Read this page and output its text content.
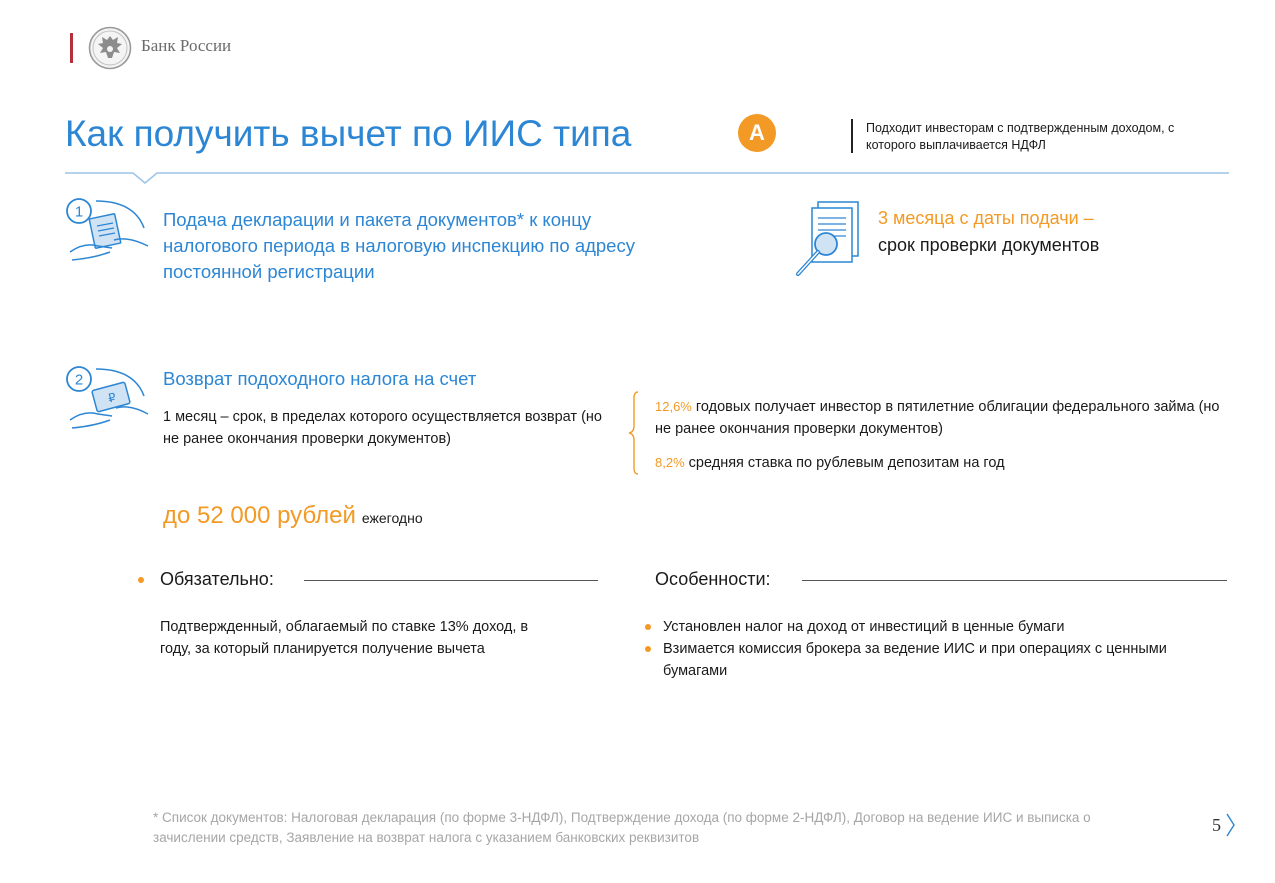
Банк России
Как получить вычет по ИИС типа	А	Подходит инвесторам с подтвержденным доходом, с которого выплачивается НДФЛ
1	Подача декларации и пакета документов* к концу налогового периода в налоговую инспекцию по адресу постоянной регистрации
3 месяца с даты подачи –
срок проверки документов
2
₽
Возврат подоходного налога на счет
1 месяц – срок, в пределах которого осуществляется возврат (но не ранее окончания проверки документов)
12,6% годовых получает инвестор в пятилетние облигации федерального займа (но не ранее окончания проверки документов)
8,2% средняя ставка по рублевым депозитам на год
до 52 000 рублей ежегодно
Обязательно:
Подтвержденный, облагаемый по ставке 13% доход, в году, за который планируется получение вычета
Особенности:
Установлен налог на доход от инвестиций в ценные бумаги
Взимается комиссия брокера за ведение ИИС и при операциях с ценными бумагами
* Список документов: Налоговая декларация (по форме 3-НДФЛ), Подтверждение дохода (по форме 2-НДФЛ), Договор на ведение ИИС и выписка о зачислении средств, Заявление на возврат налога с указанием банковских реквизитов
5
